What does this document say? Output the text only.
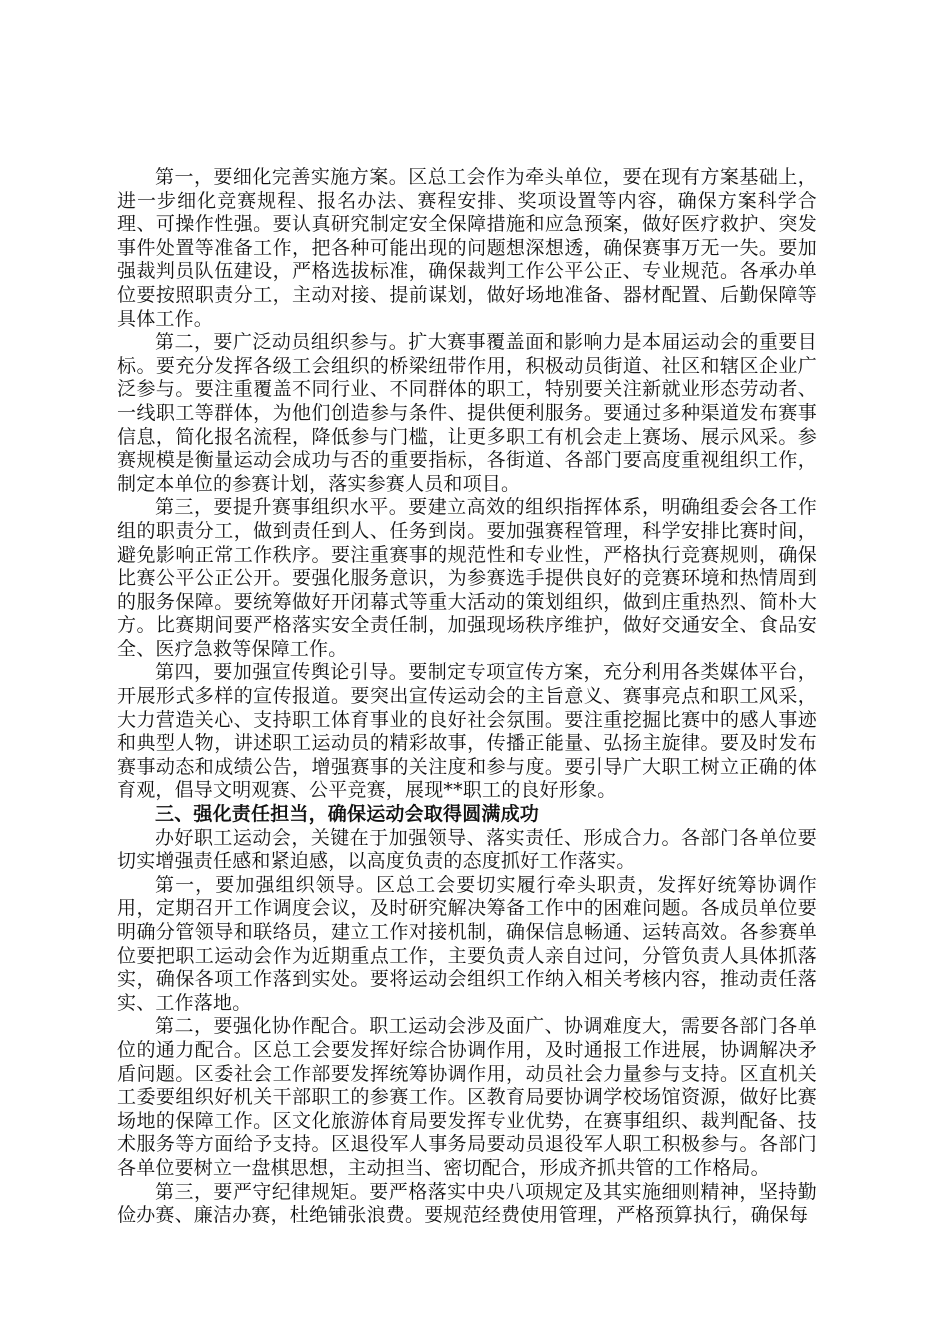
第一，要细化完善实施方案。区总工会作为牵头单位，要在现有方案基础上，进一步细化竞赛规程、报名办法、赛程安排、奖项设置等内容，确保方案科学合理、可操作性强。要认真研究制定安全保障措施和应急预案，做好医疗救护、突发事件处置等准备工作，把各种可能出现的问题想深想透，确保赛事万无一失。要加强裁判员队伍建设，严格选拔标准，确保裁判工作公平公正、专业规范。各承办单位要按照职责分工，主动对接、提前谋划，做好场地准备、器材配置、后勤保障等具体工作。

第二，要广泛动员组织参与。扩大赛事覆盖面和影响力是本届运动会的重要目标。要充分发挥各级工会组织的桥梁纽带作用，积极动员街道、社区和辖区企业广泛参与。要注重覆盖不同行业、不同群体的职工，特别要关注新就业形态劳动者、一线职工等群体，为他们创造参与条件、提供便利服务。要通过多种渠道发布赛事信息，简化报名流程，降低参与门槛，让更多职工有机会走上赛场、展示风采。参赛规模是衡量运动会成功与否的重要指标，各街道、各部门要高度重视组织工作，制定本单位的参赛计划，落实参赛人员和项目。

第三，要提升赛事组织水平。要建立高效的组织指挥体系，明确组委会各工作组的职责分工，做到责任到人、任务到岗。要加强赛程管理，科学安排比赛时间，避免影响正常工作秩序。要注重赛事的规范性和专业性，严格执行竞赛规则，确保比赛公平公正公开。要强化服务意识，为参赛选手提供良好的竞赛环境和热情周到的服务保障。要统筹做好开闭幕式等重大活动的策划组织，做到庄重热烈、简朴大方。比赛期间要严格落实安全责任制，加强现场秩序维护，做好交通安全、食品安全、医疗急救等保障工作。

第四，要加强宣传舆论引导。要制定专项宣传方案，充分利用各类媒体平台，开展形式多样的宣传报道。要突出宣传运动会的主旨意义、赛事亮点和职工风采，大力营造关心、支持职工体育事业的良好社会氛围。要注重挖掘比赛中的感人事迹和典型人物，讲述职工运动员的精彩故事，传播正能量、弘扬主旋律。要及时发布赛事动态和成绩公告，增强赛事的关注度和参与度。要引导广大职工树立正确的体育观，倡导文明观赛、公平竞赛，展现**职工的良好形象。

三、强化责任担当，确保运动会取得圆满成功

办好职工运动会，关键在于加强领导、落实责任、形成合力。各部门各单位要切实增强责任感和紧迫感，以高度负责的态度抓好工作落实。

第一，要加强组织领导。区总工会要切实履行牵头职责，发挥好统筹协调作用，定期召开工作调度会议，及时研究解决筹备工作中的困难问题。各成员单位要明确分管领导和联络员，建立工作对接机制，确保信息畅通、运转高效。各参赛单位要把职工运动会作为近期重点工作，主要负责人亲自过问，分管负责人具体抓落实，确保各项工作落到实处。要将运动会组织工作纳入相关考核内容，推动责任落实、工作落地。

第二，要强化协作配合。职工运动会涉及面广、协调难度大，需要各部门各单位的通力配合。区总工会要发挥好综合协调作用，及时通报工作进展，协调解决矛盾问题。区委社会工作部要发挥统筹协调作用，动员社会力量参与支持。区直机关工委要组织好机关干部职工的参赛工作。区教育局要协调学校场馆资源，做好比赛场地的保障工作。区文化旅游体育局要发挥专业优势，在赛事组织、裁判配备、技术服务等方面给予支持。区退役军人事务局要动员退役军人职工积极参与。各部门各单位要树立一盘棋思想，主动担当、密切配合，形成齐抓共管的工作格局。

第三，要严守纪律规矩。要严格落实中央八项规定及其实施细则精神，坚持勤俭办赛、廉洁办赛，杜绝铺张浪费。要规范经费使用管理，严格预算执行，确保每
